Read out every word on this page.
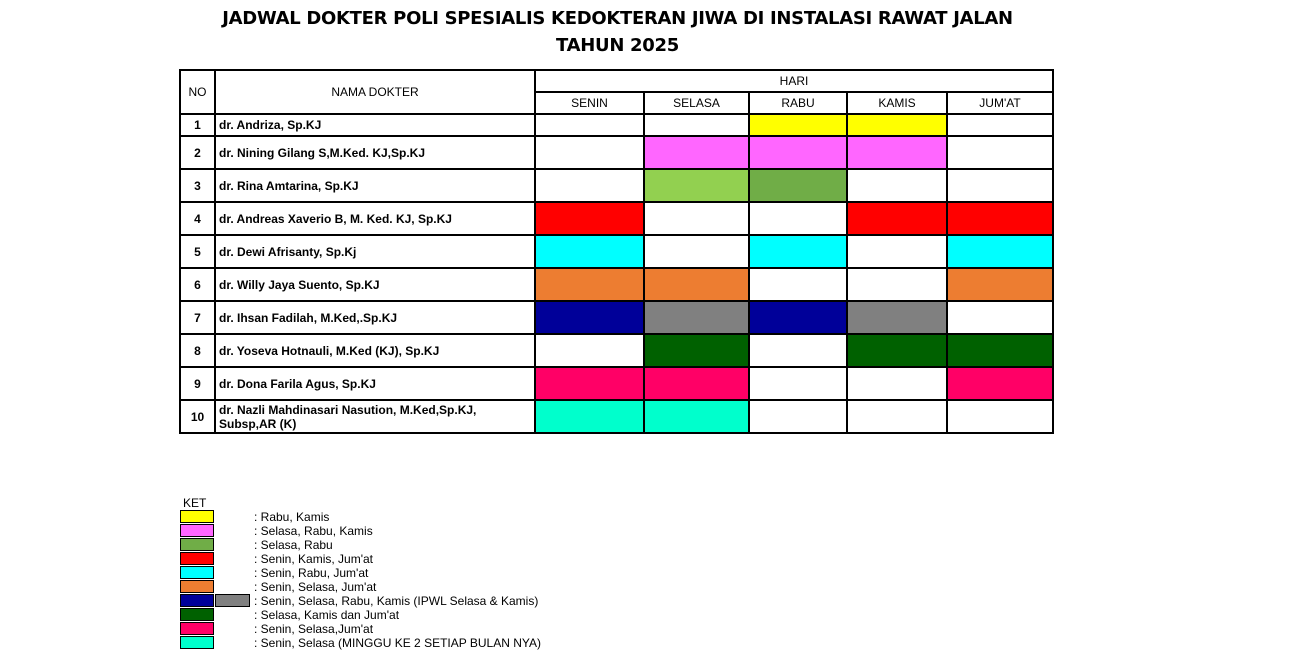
JADWAL DOKTER POLI SPESIALIS KEDOKTERAN JIWA DI INSTALASI RAWAT JALAN
TAHUN 2025
NO	NAMA DOKTER	HARI				
		SENIN	SELASA	RABU	KAMIS	JUM'AT
1	dr. Andriza, Sp.KJ					
2	dr. Nining Gilang S,M.Ked. KJ,Sp.KJ					
3	dr. Rina Amtarina, Sp.KJ					
4	dr. Andreas Xaverio B, M. Ked. KJ, Sp.KJ					
5	dr. Dewi Afrisanty, Sp.Kj					
6	dr. Willy Jaya Suento, Sp.KJ					
7	dr. Ihsan Fadilah, M.Ked,.Sp.KJ					
8	dr. Yoseva Hotnauli, M.Ked (KJ), Sp.KJ					
9	dr. Dona Farila Agus, Sp.KJ					
10	dr. Nazli Mahdinasari Nasution, M.Ked,Sp.KJ, Subsp,AR (K)					
KET
: Rabu, Kamis
: Selasa, Rabu, Kamis
: Selasa, Rabu
: Senin, Kamis, Jum'at
: Senin, Rabu, Jum'at
: Senin, Selasa, Jum'at
: Senin, Selasa, Rabu, Kamis (IPWL Selasa & Kamis)
: Selasa, Kamis dan Jum'at
: Senin, Selasa,Jum'at
: Senin, Selasa (MINGGU KE 2 SETIAP BULAN NYA)
